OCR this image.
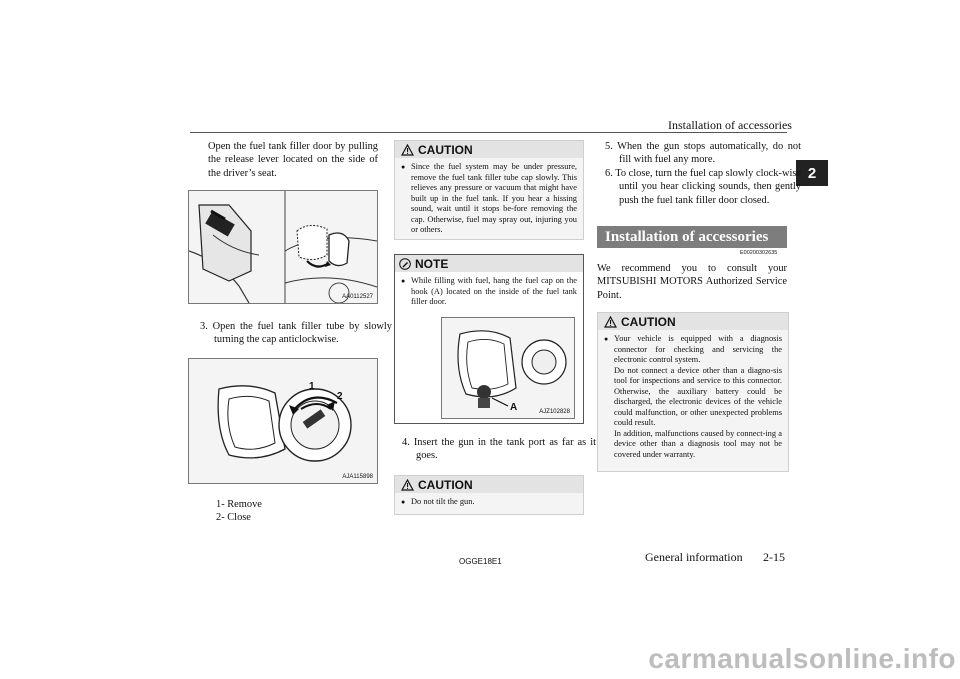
Installation of accessories
2
Open the fuel tank filler door by pulling the release lever located on the side of the driver’s seat.
AA0112527
3. Open the fuel tank filler tube by slowly turning the cap anticlockwise.
1
2
AJA115898
1- Remove
2- Close
CAUTION
● Since the fuel system may be under pressure, remove the fuel tank filler tube cap slowly. This relieves any pressure or vacuum that might have built up in the fuel tank. If you hear a hissing sound, wait until it stops be-fore removing the cap. Otherwise, fuel may spray out, injuring you or others.
NOTE
● While filling with fuel, hang the fuel cap on the hook (A) located on the inside of the fuel tank filler door.
A	AJZ102828
4. Insert the gun in the tank port as far as it goes.
CAUTION
● Do not tilt the gun.
5. When the gun stops automatically, do not fill with fuel any more.
6. To close, turn the fuel cap slowly clock-wise until you hear clicking sounds, then gently push the fuel tank filler door closed.
Installation of accessories
E00200302635
We recommend you to consult your MITSUBISHI MOTORS Authorized Service Point.
CAUTION
● Your vehicle is equipped with a diagnosis connector for checking and servicing the electronic control system.
Do not connect a device other than a diagno-sis tool for inspections and service to this connector. Otherwise, the auxiliary battery could be discharged, the electronic devices of the vehicle could malfunction, or other unexpected problems could result.
In addition, malfunctions caused by connect-ing a device other than a diagnosis tool may not be covered under warranty.
OGGE18E1	General information 2-15
carmanualsonline.info
